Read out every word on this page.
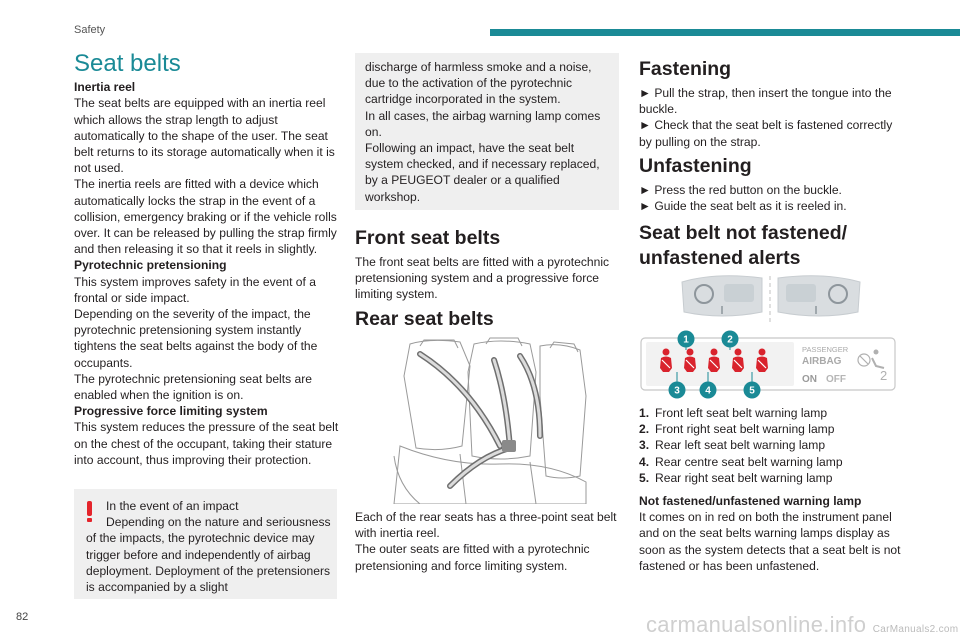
Safety

Seat belts

Inertia reel

The seat belts are equipped with an inertia reel which allows the strap length to adjust automatically to the shape of the user. The seat belt returns to its storage automatically when it is not used.

The inertia reels are fitted with a device which automatically locks the strap in the event of a collision, emergency braking or if the vehicle rolls over. It can be released by pulling the strap firmly and then releasing it so that it reels in slightly.

Pyrotechnic pretensioning

This system improves safety in the event of a frontal or side impact.

Depending on the severity of the impact, the pyrotechnic pretensioning system instantly tightens the seat belts against the body of the occupants.

The pyrotechnic pretensioning seat belts are enabled when the ignition is on.

Progressive force limiting system

This system reduces the pressure of the seat belt on the chest of the occupant, taking their stature into account, thus improving their protection.

In the event of an impact

Depending on the nature and seriousness of the impacts, the pyrotechnic device may trigger before and independently of airbag deployment. Deployment of the pretensioners is accompanied by a slight

discharge of harmless smoke and a noise, due to the activation of the pyrotechnic cartridge incorporated in the system.

In all cases, the airbag warning lamp comes on.

Following an impact, have the seat belt system checked, and if necessary replaced, by a PEUGEOT dealer or a qualified workshop.

Front seat belts

The front seat belts are fitted with a pyrotechnic pretensioning system and a progressive force limiting system.

Rear seat belts

Each of the rear seats has a three-point seat belt with inertia reel.

The outer seats are fitted with a pyrotechnic pretensioning and force limiting system.

Fastening

► Pull the strap, then insert the tongue into the buckle.

► Check that the seat belt is fastened correctly by pulling on the strap.

Unfastening

► Press the red button on the buckle.

► Guide the seat belt as it is reeled in.

Seat belt not fastened/ unfastened alerts

PASSENGER
AIRBAG
ON OFF	2
1	2
3	4	5
1. Front left seat belt warning lamp
2. Front right seat belt warning lamp
3. Rear left seat belt warning lamp
4. Rear centre seat belt warning lamp
5. Rear right seat belt warning lamp

Not fastened/unfastened warning lamp

It comes on in red on both the instrument panel and on the seat belts warning lamps display as soon as the system detects that a seat belt is not fastened or has been unfastened.

82	carmanualsonline.info CarManuals2.com
